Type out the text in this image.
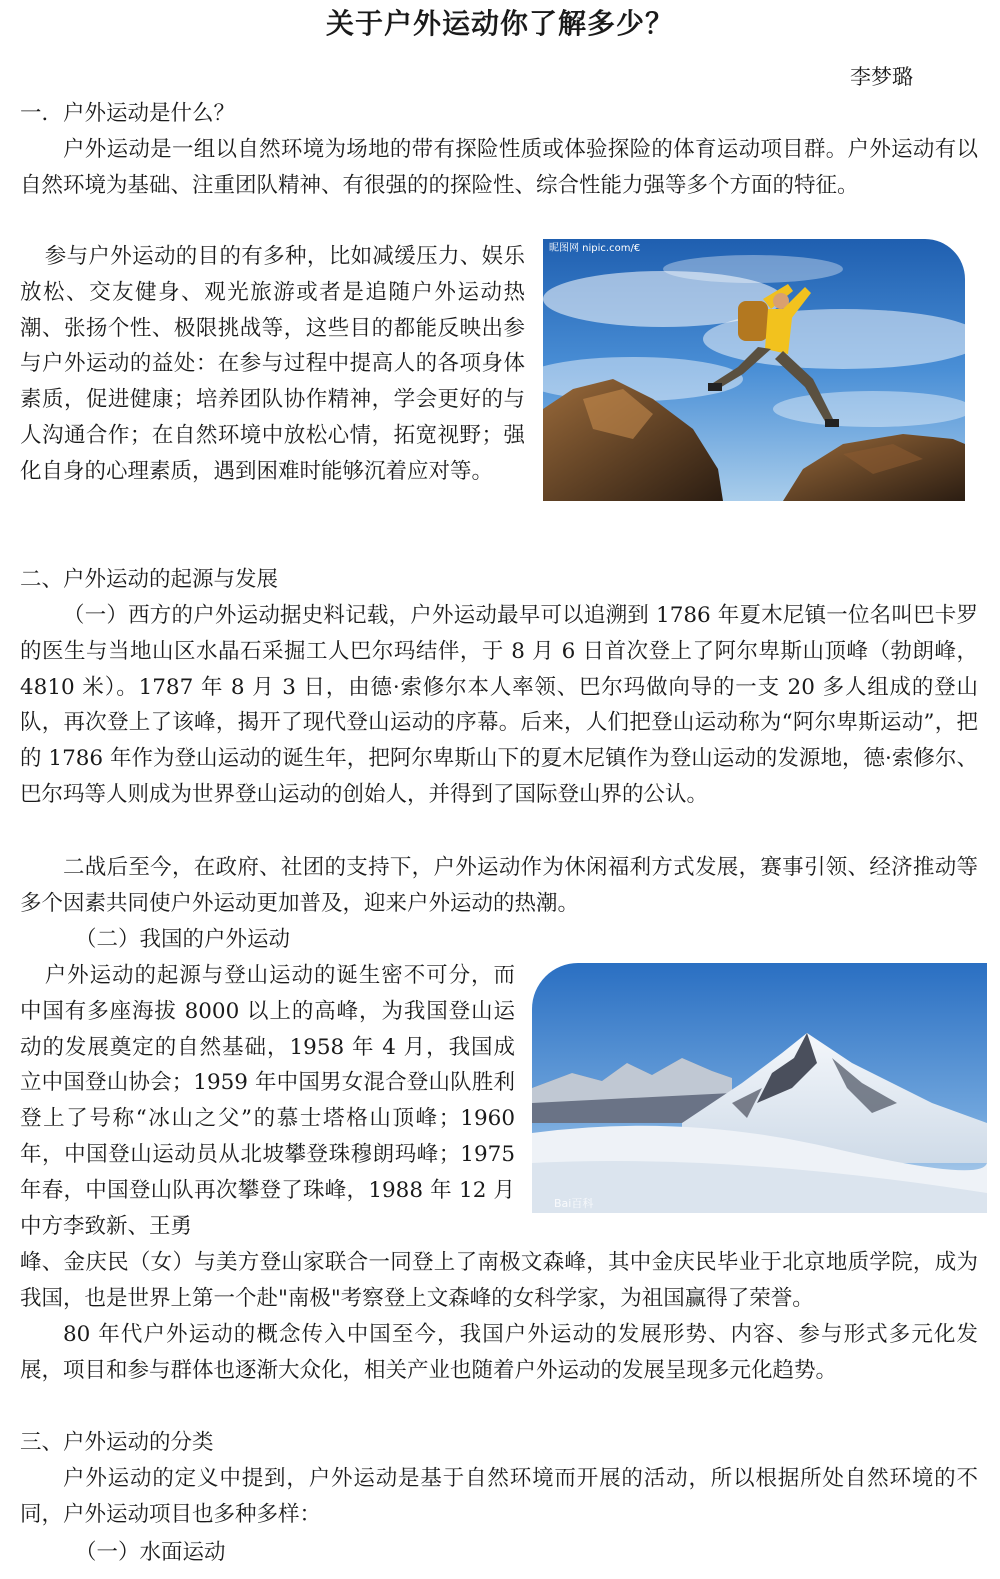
关于户外运动你了解多少？
李梦璐
一．户外运动是什么？

户外运动是一组以自然环境为场地的带有探险性质或体验探险的体育运动项目群。户外运动有以自然环境为基础、注重团队精神、有很强的的探险性、综合性能力强等多个方面的特征。

参与户外运动的目的有多种，比如减缓压力、娱乐放松、交友健身、观光旅游或者是追随户外运动热潮、张扬个性、极限挑战等，这些目的都能反映出参与户外运动的益处：在参与过程中提高人的各项身体素质，促进健康；培养团队协作精神，学会更好的与人沟通合作；在自然环境中放松心情，拓宽视野；强化自身的心理素质，遇到困难时能够沉着应对等。

昵图网 nipic.com/€
二、户外运动的起源与发展

（一）西方的户外运动据史料记载，户外运动最早可以追溯到 1786 年夏木尼镇一位名叫巴卡罗的医生与当地山区水晶石采掘工人巴尔玛结伴，于 8 月 6 日首次登上了阿尔卑斯山顶峰（勃朗峰，4810 米）。1787 年 8 月 3 日，由德·索修尔本人率领、巴尔玛做向导的一支 20 多人组成的登山队，再次登上了该峰，揭开了现代登山运动的序幕。后来，人们把登山运动称为“阿尔卑斯运动”，把的 1786 年作为登山运动的诞生年，把阿尔卑斯山下的夏木尼镇作为登山运动的发源地，德·索修尔、巴尔玛等人则成为世界登山运动的创始人，并得到了国际登山界的公认。

二战后至今，在政府、社团的支持下，户外运动作为休闲福利方式发展，赛事引领、经济推动等多个因素共同使户外运动更加普及，迎来户外运动的热潮。

（二）我国的户外运动

户外运动的起源与登山运动的诞生密不可分，而中国有多座海拔 8000 以上的高峰，为我国登山运动的发展奠定的自然基础，1958 年 4 月，我国成立中国登山协会；1959 年中国男女混合登山队胜利登上了号称“冰山之父”的慕士塔格山顶峰；1960 年，中国登山运动员从北坡攀登珠穆朗玛峰；1975 年春，中国登山队再次攀登了珠峰，1988 年 12 月中方李致新、王勇

峰、金庆民（女）与美方登山家联合一同登上了南极文森峰，其中金庆民毕业于北京地质学院，成为我国，也是世界上第一个赴"南极"考察登上文森峰的女科学家，为祖国赢得了荣誉。

80 年代户外运动的概念传入中国至今，我国户外运动的发展形势、内容、参与形式多元化发展，项目和参与群体也逐渐大众化，相关产业也随着户外运动的发展呈现多元化趋势。

Bai百科
三、户外运动的分类

户外运动的定义中提到，户外运动是基于自然环境而开展的活动，所以根据所处自然环境的不同，户外运动项目也多种多样：

（一）水面运动
